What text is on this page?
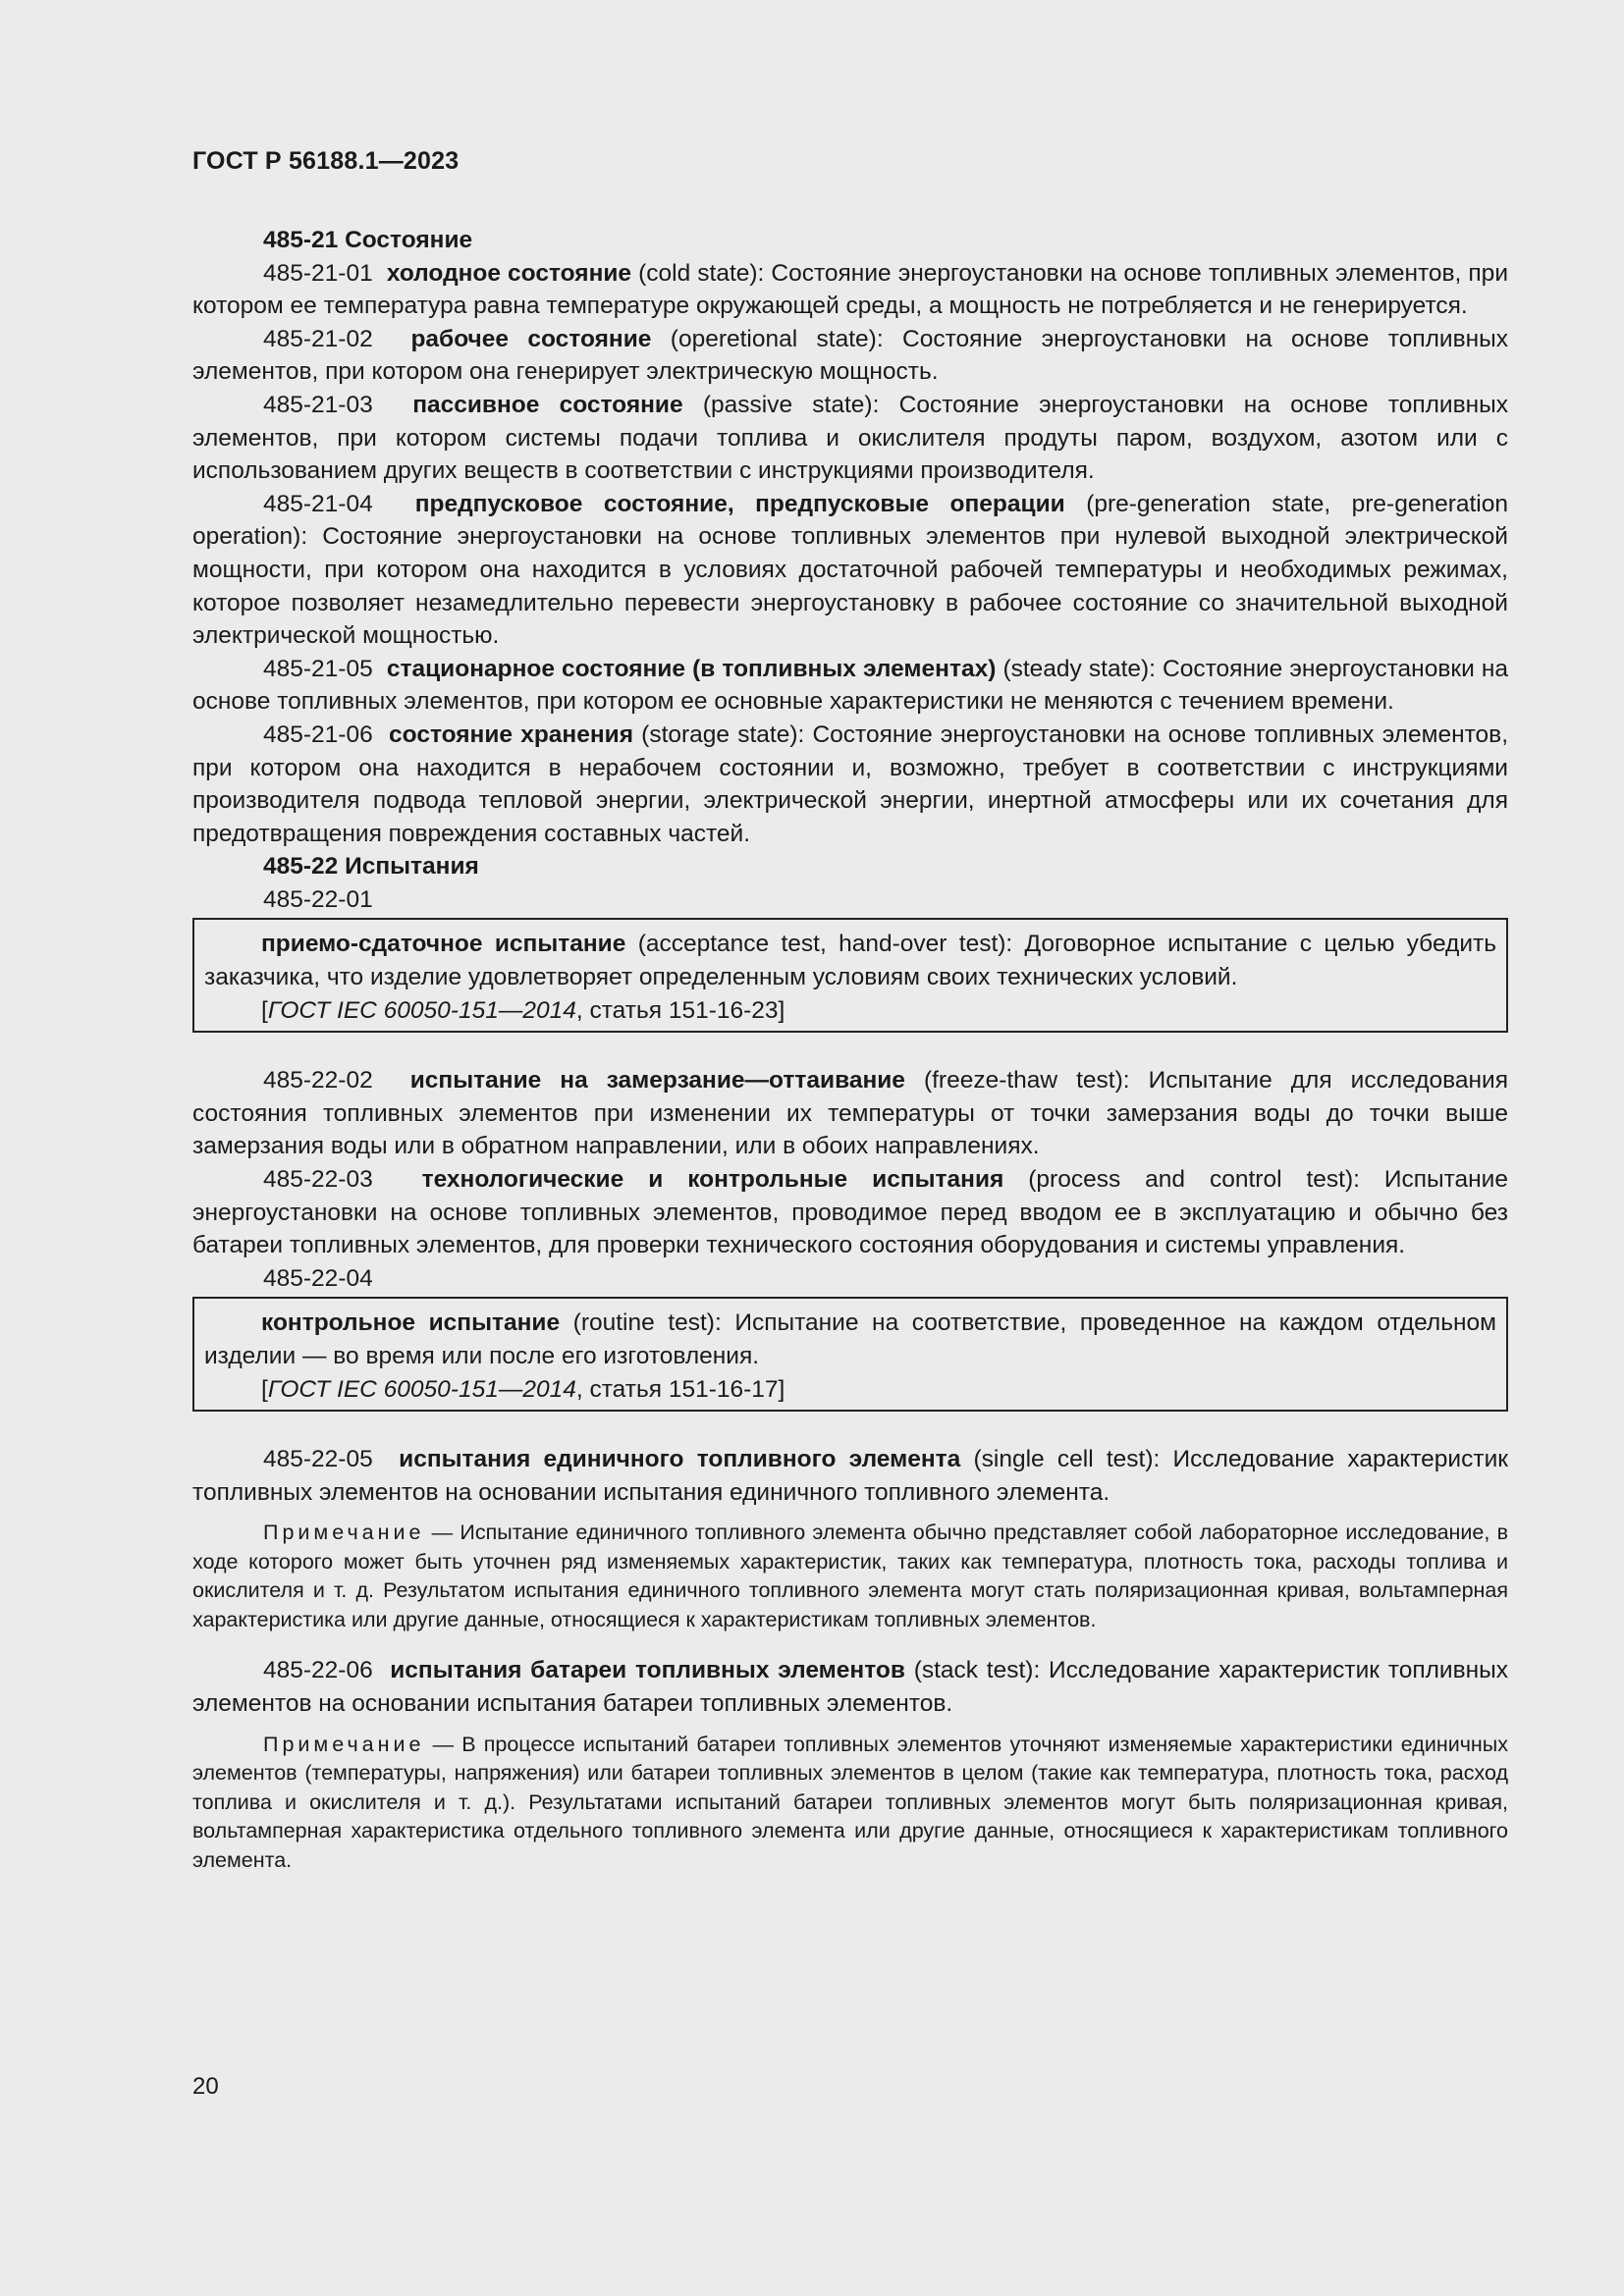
ГОСТ Р 56188.1—2023

485-21 Состояние

485-21-01 холодное состояние (cold state): Состояние энергоустановки на основе топливных элементов, при котором ее температура равна температуре окружающей среды, а мощность не потребляется и не генерируется.

485-21-02 рабочее состояние (operetional state): Состояние энергоустановки на основе топливных элементов, при котором она генерирует электрическую мощность.

485-21-03 пассивное состояние (passive state): Состояние энергоустановки на основе топливных элементов, при котором системы подачи топлива и окислителя продуты паром, воздухом, азотом или с использованием других веществ в соответствии с инструкциями производителя.

485-21-04 предпусковое состояние, предпусковые операции (pre-generation state, pre-generation operation): Состояние энергоустановки на основе топливных элементов при нулевой выходной электрической мощности, при котором она находится в условиях достаточной рабочей температуры и необходимых режимах, которое позволяет незамедлительно перевести энергоустановку в рабочее состояние со значительной выходной электрической мощностью.

485-21-05 стационарное состояние (в топливных элементах) (steady state): Состояние энергоустановки на основе топливных элементов, при котором ее основные характеристики не меняются с течением времени.

485-21-06 состояние хранения (storage state): Состояние энергоустановки на основе топливных элементов, при котором она находится в нерабочем состоянии и, возможно, требует в соответствии с инструкциями производителя подвода тепловой энергии, электрической энергии, инертной атмосферы или их сочетания для предотвращения повреждения составных частей.

485-22 Испытания

485-22-01

приемо-сдаточное испытание (acceptance test, hand-over test): Договорное испытание с целью убедить заказчика, что изделие удовлетворяет определенным условиям своих технических условий.

[ГОСТ IEC 60050-151—2014, статья 151-16-23]

485-22-02 испытание на замерзание—оттаивание (freeze-thaw test): Испытание для исследования состояния топливных элементов при изменении их температуры от точки замерзания воды до точки выше замерзания воды или в обратном направлении, или в обоих направлениях.

485-22-03 технологические и контрольные испытания (process and control test): Испытание энергоустановки на основе топливных элементов, проводимое перед вводом ее в эксплуатацию и обычно без батареи топливных элементов, для проверки технического состояния оборудования и системы управления.

485-22-04

контрольное испытание (routine test): Испытание на соответствие, проведенное на каждом отдельном изделии — во время или после его изготовления.

[ГОСТ IEC 60050-151—2014, статья 151-16-17]

485-22-05 испытания единичного топливного элемента (single cell test): Исследование характеристик топливных элементов на основании испытания единичного топливного элемента.

Примечание — Испытание единичного топливного элемента обычно представляет собой лабораторное исследование, в ходе которого может быть уточнен ряд изменяемых характеристик, таких как температура, плотность тока, расходы топлива и окислителя и т. д. Результатом испытания единичного топливного элемента могут стать поляризационная кривая, вольтамперная характеристика или другие данные, относящиеся к характеристикам топливных элементов.

485-22-06 испытания батареи топливных элементов (stack test): Исследование характеристик топливных элементов на основании испытания батареи топливных элементов.

Примечание — В процессе испытаний батареи топливных элементов уточняют изменяемые характеристики единичных элементов (температуры, напряжения) или батареи топливных элементов в целом (такие как температура, плотность тока, расход топлива и окислителя и т. д.). Результатами испытаний батареи топливных элементов могут быть поляризационная кривая, вольтамперная характеристика отдельного топливного элемента или другие данные, относящиеся к характеристикам топливного элемента.

20
